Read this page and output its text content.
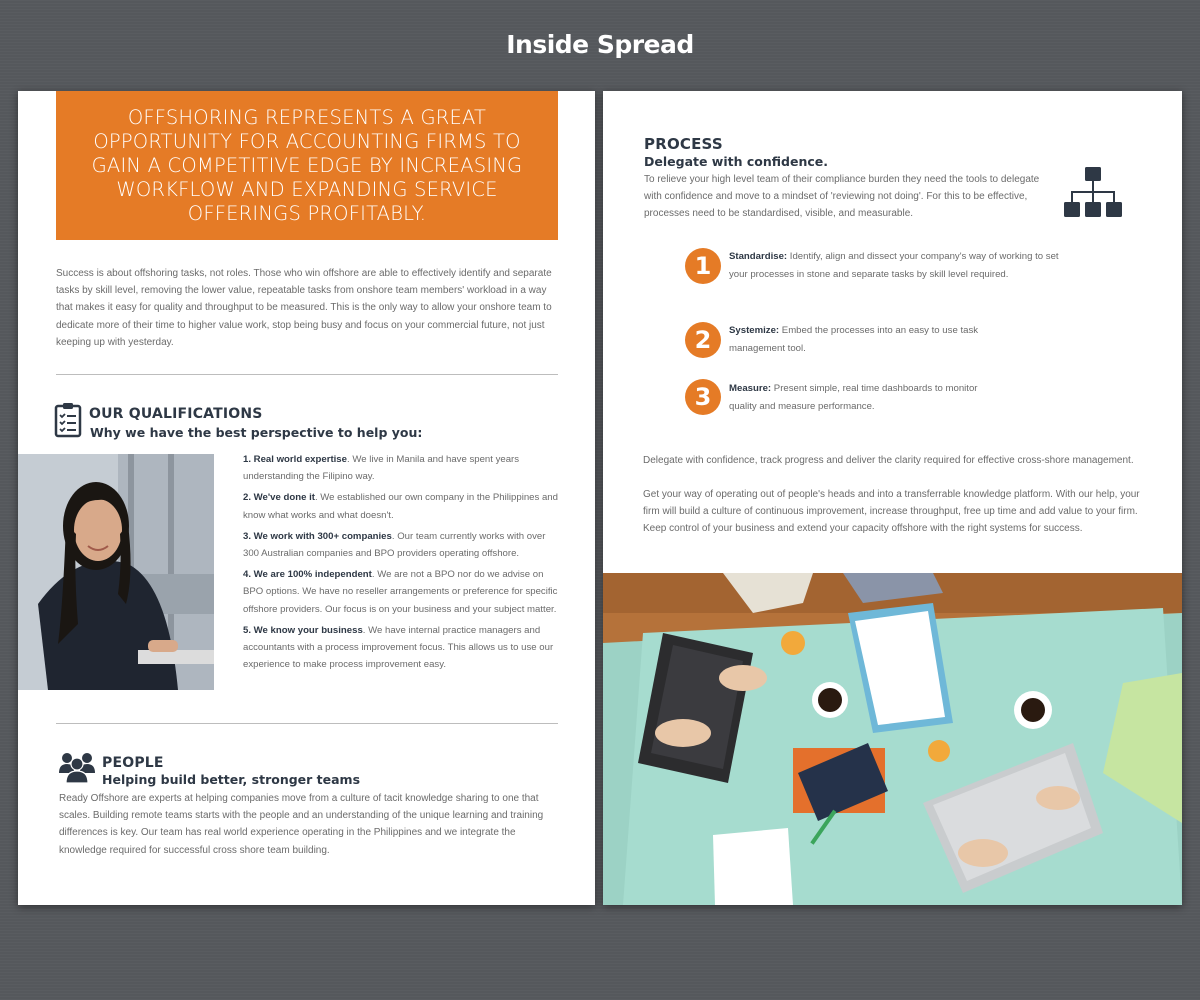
Inside Spread
OFFSHORING REPRESENTS A GREAT OPPORTUNITY FOR ACCOUNTING FIRMS TO GAIN A COMPETITIVE EDGE BY INCREASING WORKFLOW AND EXPANDING SERVICE OFFERINGS PROFITABLY.
Success is about offshoring tasks, not roles. Those who win offshore are able to effectively identify and separate tasks by skill level, removing the lower value, repeatable tasks from onshore team members' workload in a way that makes it easy for quality and throughput to be measured. This is the only way to allow your onshore team to dedicate more of their time to higher value work, stop being busy and focus on your commercial future, not just keeping up with yesterday.
OUR QUALIFICATIONS
Why we have the best perspective to help you:
1. Real world expertise. We live in Manila and have spent years understanding the Filipino way.
2. We've done it. We established our own company in the Philippines and know what works and what doesn't.
3. We work with 300+ companies. Our team currently works with over 300 Australian companies and BPO providers operating offshore.
4. We are 100% independent. We are not a BPO nor do we advise on BPO options. We have no reseller arrangements or preference for specific offshore providers. Our focus is on your business and your subject matter.
5. We know your business. We have internal practice managers and accountants with a process improvement focus. This allows us to use our experience to make process improvement easy.
PEOPLE
Helping build better, stronger teams
Ready Offshore are experts at helping companies move from a culture of tacit knowledge sharing to one that scales. Building remote teams starts with the people and an understanding of the unique learning and training differences is key. Our team has real world experience operating in the Philippines and we integrate the knowledge required for successful cross shore team building.
PROCESS
Delegate with confidence.
To relieve your high level team of their compliance burden they need the tools to delegate with confidence and move to a mindset of 'reviewing not doing'. For this to be effective, processes need to be standardised, visible, and measurable.
1	Standardise: Identify, align and dissect your company's way of working to set your processes in stone and separate tasks by skill level required.
2	Systemize: Embed the processes into an easy to use task management tool.
3	Measure: Present simple, real time dashboards to monitor quality and measure performance.
Delegate with confidence, track progress and deliver the clarity required for effective cross-shore management.
Get your way of operating out of people's heads and into a transferrable knowledge platform. With our help, your firm will build a culture of continuous improvement, increase throughput, free up time and add value to your firm. Keep control of your business and extend your capacity offshore with the right systems for success.
